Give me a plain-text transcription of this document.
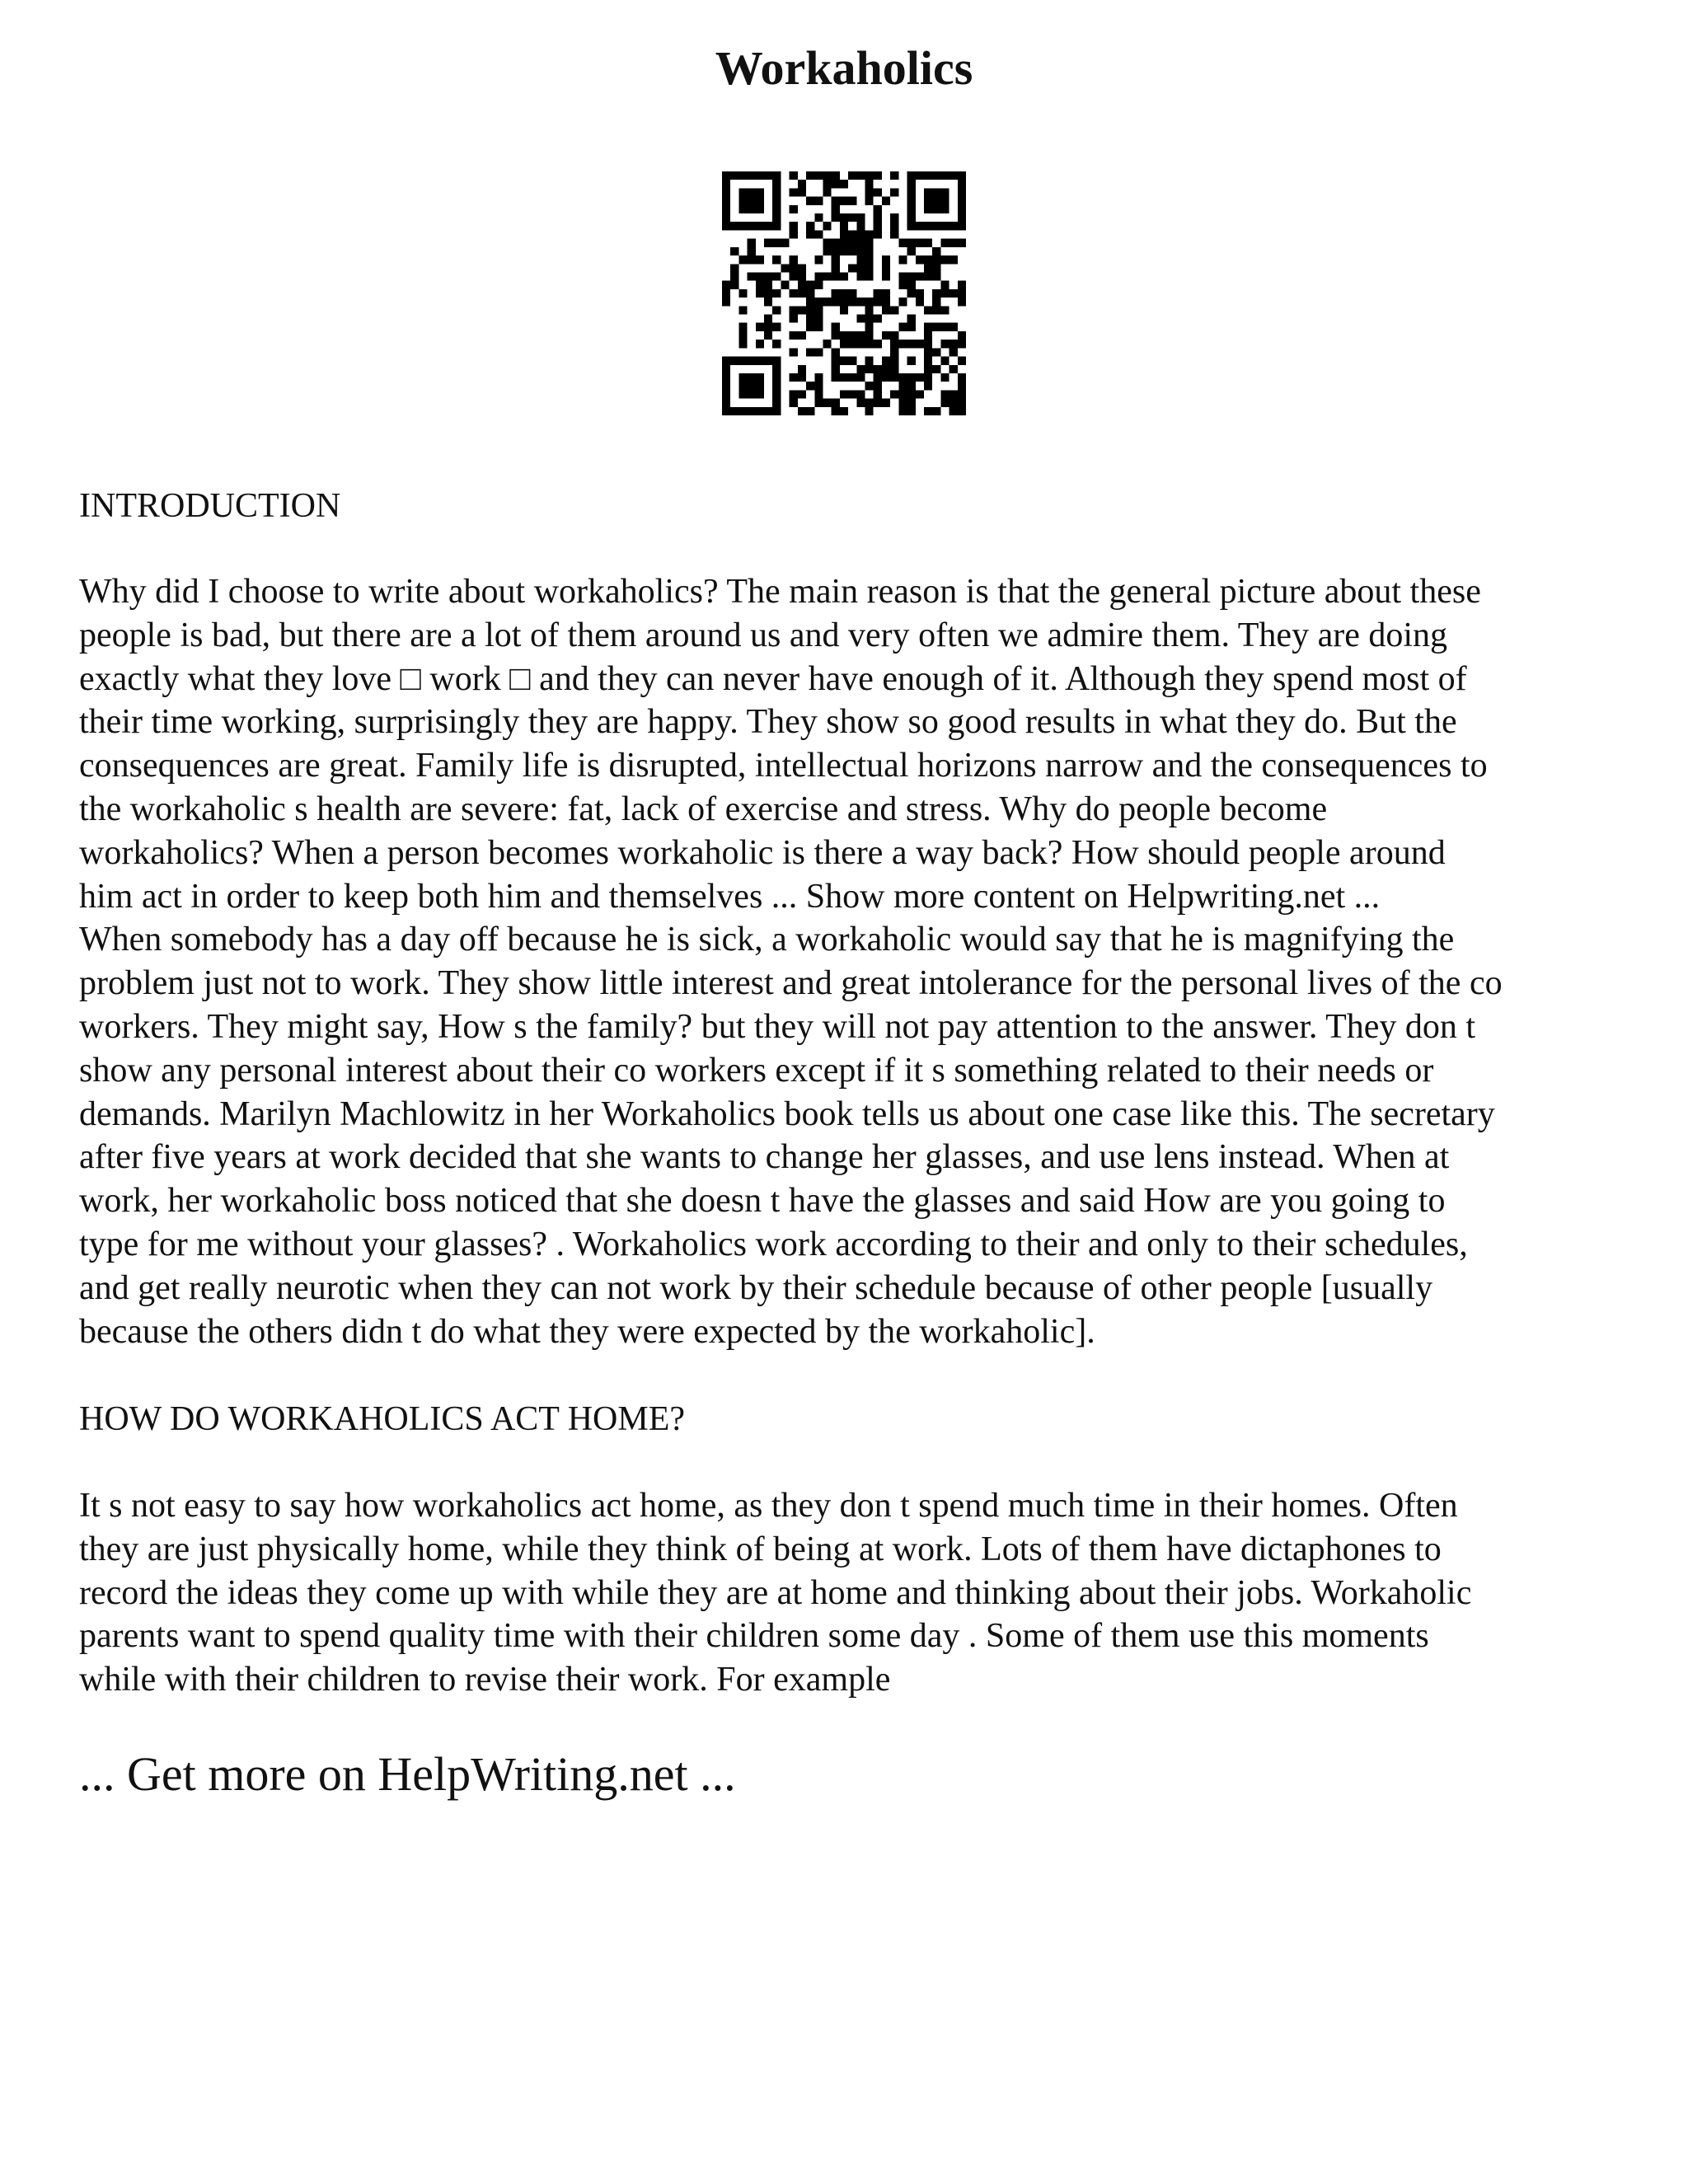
Workaholics

INTRODUCTION

Why did I choose to write about workaholics? The main reason is that the general picture about these
people is bad, but there are a lot of them around us and very often we admire them. They are doing
exactly what they love □ work □ and they can never have enough of it. Although they spend most of
their time working, surprisingly they are happy. They show so good results in what they do. But the
consequences are great. Family life is disrupted, intellectual horizons narrow and the consequences to
the workaholic s health are severe: fat, lack of exercise and stress. Why do people become
workaholics? When a person becomes workaholic is there a way back? How should people around
him act in order to keep both him and themselves ... Show more content on Helpwriting.net ...
When somebody has a day off because he is sick, a workaholic would say that he is magnifying the
problem just not to work. They show little interest and great intolerance for the personal lives of the co
workers. They might say, How s the family? but they will not pay attention to the answer. They don t
show any personal interest about their co workers except if it s something related to their needs or
demands. Marilyn Machlowitz in her Workaholics book tells us about one case like this. The secretary
after five years at work decided that she wants to change her glasses, and use lens instead. When at
work, her workaholic boss noticed that she doesn t have the glasses and said How are you going to
type for me without your glasses? . Workaholics work according to their and only to their schedules,
and get really neurotic when they can not work by their schedule because of other people [usually
because the others didn t do what they were expected by the workaholic].

HOW DO WORKAHOLICS ACT HOME?

It s not easy to say how workaholics act home, as they don t spend much time in their homes. Often
they are just physically home, while they think of being at work. Lots of them have dictaphones to
record the ideas they come up with while they are at home and thinking about their jobs. Workaholic
parents want to spend quality time with their children some day . Some of them use this moments
while with their children to revise their work. For example

... Get more on HelpWriting.net ...
